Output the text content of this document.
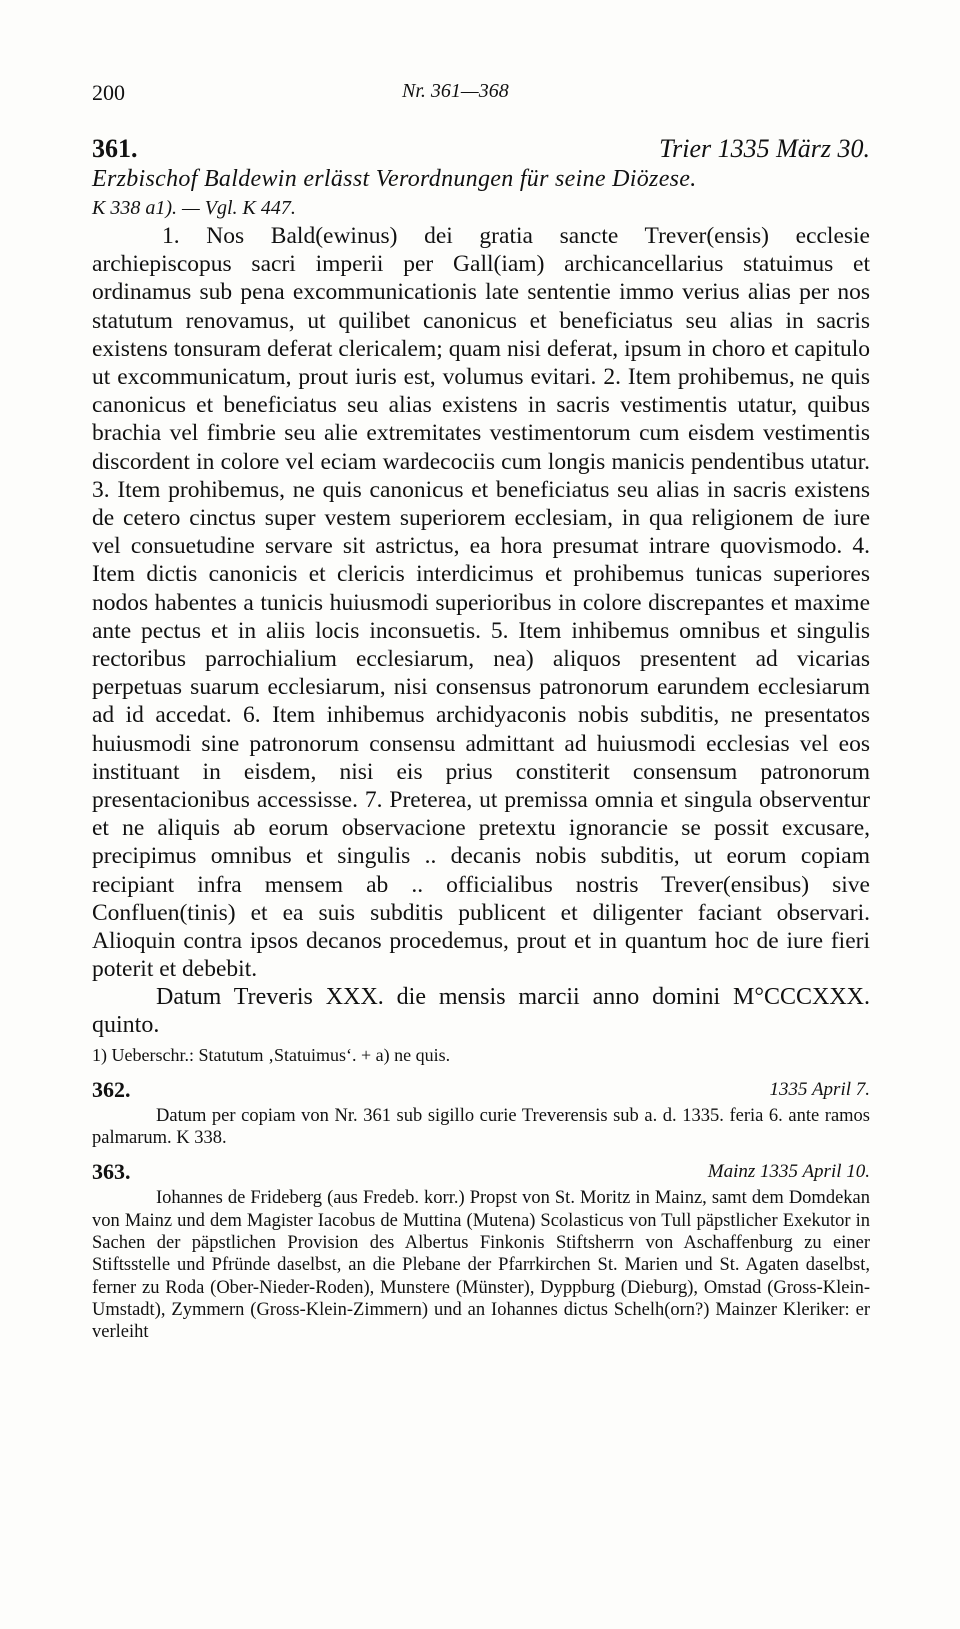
200	Nr. 361—368
361.	Trier 1335 März 30.
Erzbischof Baldewin erlässt Verordnungen für seine Diözese.
K 338 a1). — Vgl. K 447.

1. Nos Bald(ewinus) dei gratia sancte Trever(ensis) ecclesie archiepiscopus sacri imperii per Gall(iam) archicancellarius statuimus et ordinamus sub pena excommunicationis late sententie immo verius alias per nos statutum renovamus, ut quilibet canonicus et beneficiatus seu alias in sacris existens tonsuram deferat clericalem; quam nisi deferat, ipsum in choro et capitulo ut excommunicatum, prout iuris est, volumus evitari. 2. Item prohibemus, ne quis canonicus et beneficiatus seu alias existens in sacris vestimentis utatur, quibus brachia vel fimbrie seu alie extremitates vestimentorum cum eisdem vestimentis discordent in colore vel eciam wardecociis cum longis manicis pendentibus utatur. 3. Item prohibemus, ne quis canonicus et beneficiatus seu alias in sacris existens de cetero cinctus super vestem superiorem ecclesiam, in qua religionem de iure vel consuetudine servare sit astrictus, ea hora presumat intrare quovismodo. 4. Item dictis canonicis et clericis interdicimus et prohibemus tunicas superiores nodos habentes a tunicis huiusmodi superioribus in colore discrepantes et maxime ante pectus et in aliis locis inconsuetis. 5. Item inhibemus omnibus et singulis rectoribus parrochialium ecclesiarum, nea) aliquos presentent ad vicarias perpetuas suarum ecclesiarum, nisi consensus patronorum earundem ecclesiarum ad id accedat. 6. Item inhibemus archidyaconis nobis subditis, ne presentatos huiusmodi sine patronorum consensu admittant ad huiusmodi ecclesias vel eos instituant in eisdem, nisi eis prius constiterit consensum patronorum presentacionibus accessisse. 7. Preterea, ut premissa omnia et singula observentur et ne aliquis ab eorum observacione pretextu ignorancie se possit excusare, precipimus omnibus et singulis .. decanis nobis subditis, ut eorum copiam recipiant infra mensem ab .. officialibus nostris Trever(ensibus) sive Confluen(tinis) et ea suis subditis publicent et diligenter faciant observari. Alioquin contra ipsos decanos procedemus, prout et in quantum hoc de iure fieri poterit et debebit.

Datum Treveris XXX. die mensis marcii anno domini M°CCCXXX. quinto.

1) Ueberschr.: Statutum ‚Statuimus‘. + a) ne quis.
362.	1335 April 7.

Datum per copiam von Nr. 361 sub sigillo curie Treverensis sub a. d. 1335. feria 6. ante ramos palmarum. K 338.

363.	Mainz 1335 April 10.

Iohannes de Frideberg (aus Fredeb. korr.) Propst von St. Moritz in Mainz, samt dem Domdekan von Mainz und dem Magister Iacobus de Muttina (Mutena) Scolasticus von Tull päpstlicher Exekutor in Sachen der päpstlichen Provision des Albertus Finkonis Stiftsherrn von Aschaffenburg zu einer Stiftsstelle und Pfründe daselbst, an die Plebane der Pfarrkirchen St. Marien und St. Agaten daselbst, ferner zu Roda (Ober-Nieder-Roden), Munstere (Münster), Dyppburg (Dieburg), Omstad (Gross-Klein-Umstadt), Zymmern (Gross-Klein-Zimmern) und an Iohannes dictus Schelh(orn?) Mainzer Kleriker: er verleiht
